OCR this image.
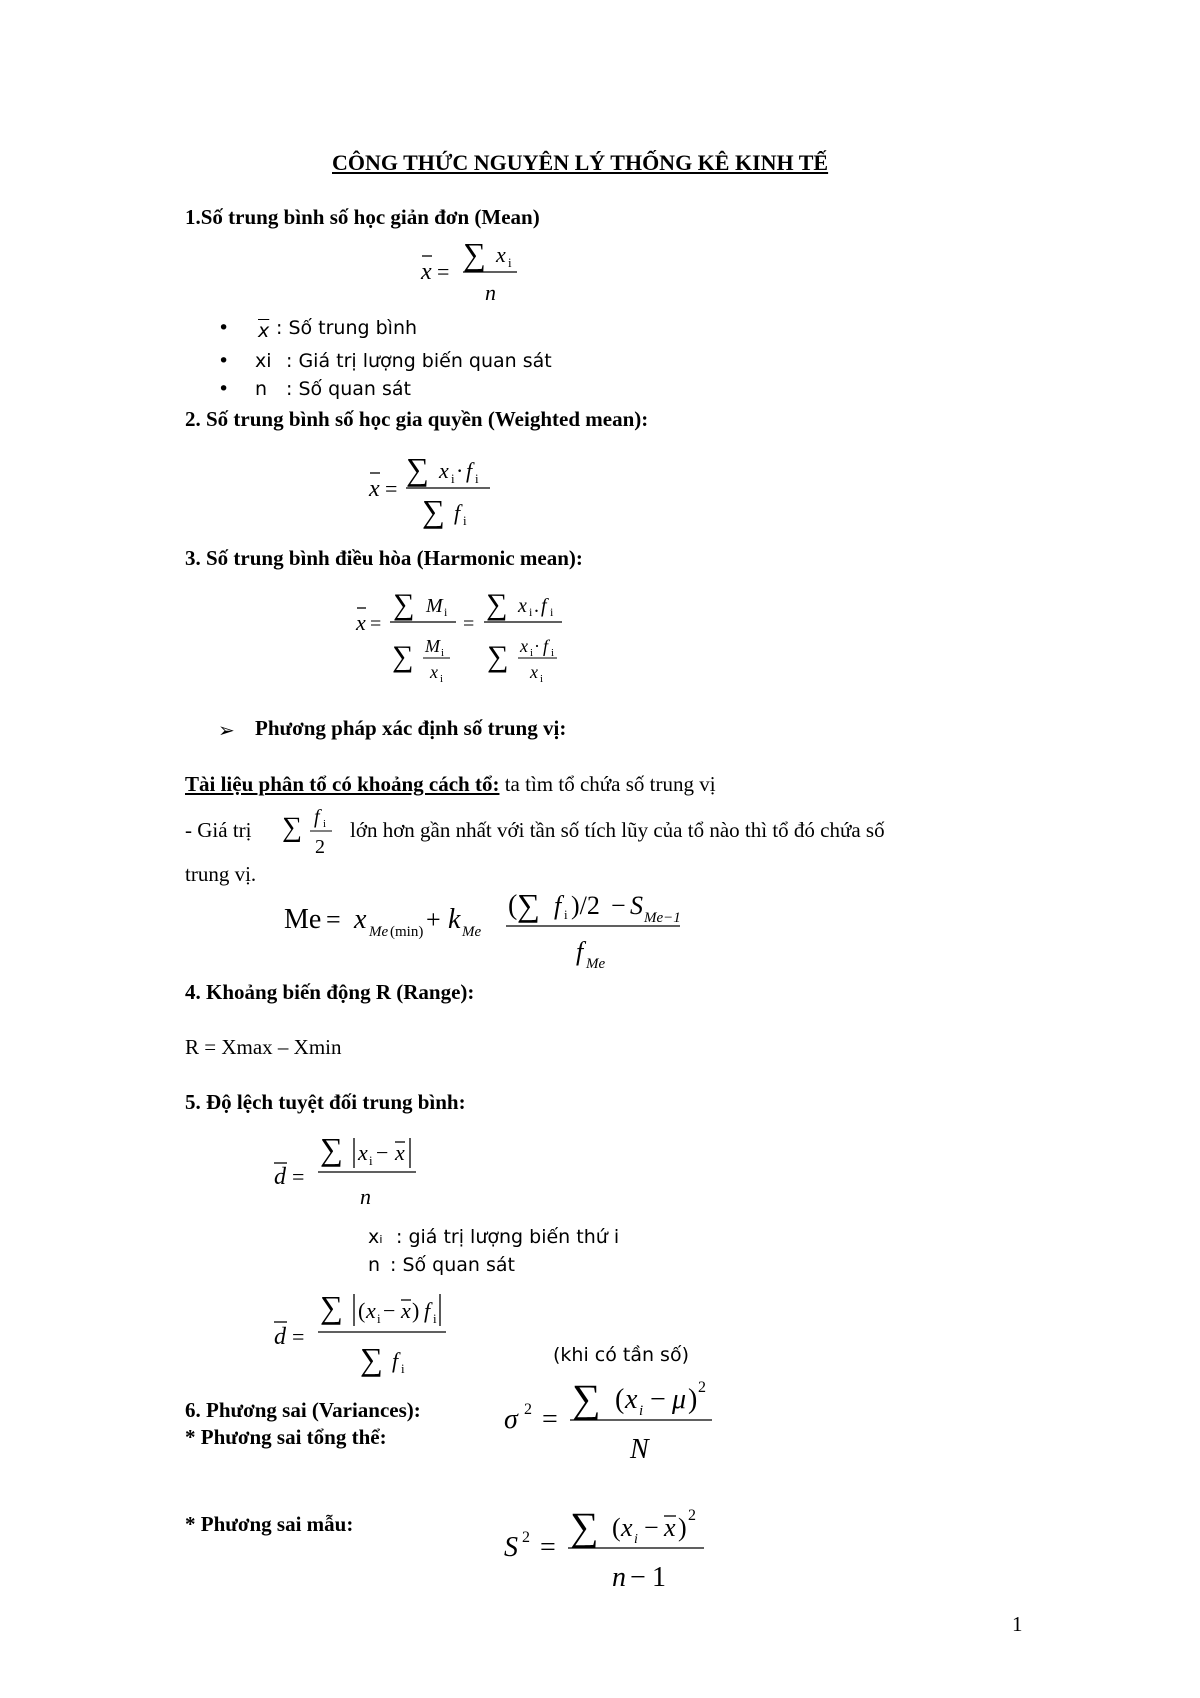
CÔNG THỨC NGUYÊN LÝ THỐNG KÊ KINH TẾ
1.Số trung bình số học giản đơn (Mean)
x = ∑ x i
n
• $\overline{x}$ : Số trung bình
• xi : Giá trị lượng biến quan sát
• n : Số quan sát
2. Số trung bình số học gia quyền (Weighted mean):
x =
∑ x i · f i
∑ f i
3. Số trung bình điều hòa (Harmonic mean):
x =
∑ M i
∑ M i
x i
=
∑ x i . f i
∑ x i · f i
x i
➢ Phương pháp xác định số trung vị:
Tài liệu phân tổ có khoảng cách tổ: ta tìm tổ chứa số trung vị
- Giá trị ∑ f i
2
lớn hơn gần nhất với tần số tích lũy của tổ nào thì tổ đó chứa số
trung vị.
Me = x Me (min) + k Me
( ∑ f i )/2 − S Me−1
f Me
4. Khoảng biến động R (Range):
R = Xmax – Xmin
5. Độ lệch tuyệt đối trung bình:
d =
∑ x i − x
n
xᵢ : giá trị lượng biến thứ i
n : Số quan sát
d =
∑ ( x i − x ) f i
∑ f i
(khi có tần số)
6. Phương sai (Variances):
* Phương sai tổng thể:
σ 2 = ∑ ( x i − μ ) 2
N
* Phương sai mẫu:
S 2 = ∑ ( x i − x ) 2
n − 1
1
